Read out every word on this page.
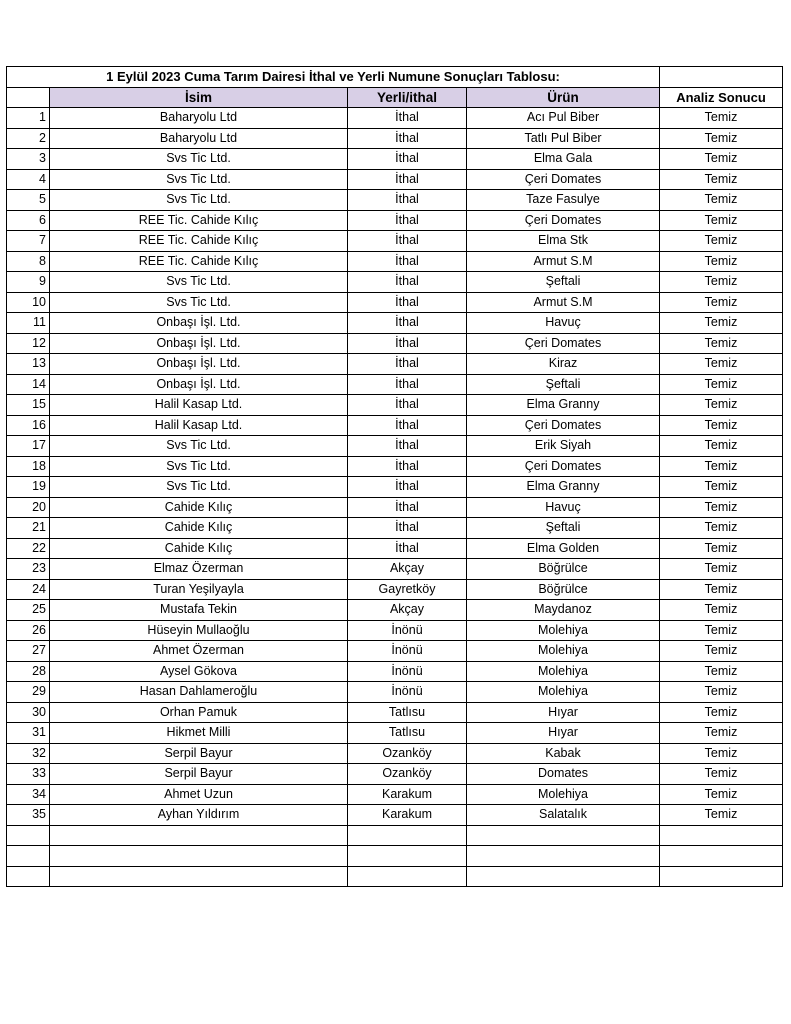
1 Eylül 2023 Cuma Tarım Dairesi İthal ve Yerli Numune Sonuçları Tablosu:				
	İsim	Yerli/ithal	Ürün	Analiz Sonucu
1	Baharyolu Ltd	İthal	Acı Pul Biber	Temiz
2	Baharyolu Ltd	İthal	Tatlı Pul Biber	Temiz
3	Svs Tic Ltd.	İthal	Elma Gala	Temiz
4	Svs Tic Ltd.	İthal	Çeri Domates	Temiz
5	Svs Tic Ltd.	İthal	Taze Fasulye	Temiz
6	REE Tic. Cahide Kılıç	İthal	Çeri Domates	Temiz
7	REE Tic. Cahide Kılıç	İthal	Elma Stk	Temiz
8	REE Tic. Cahide Kılıç	İthal	Armut S.M	Temiz
9	Svs Tic Ltd.	İthal	Şeftali	Temiz
10	Svs Tic Ltd.	İthal	Armut S.M	Temiz
11	Onbaşı İşl. Ltd.	İthal	Havuç	Temiz
12	Onbaşı İşl. Ltd.	İthal	Çeri Domates	Temiz
13	Onbaşı İşl. Ltd.	İthal	Kiraz	Temiz
14	Onbaşı İşl. Ltd.	İthal	Şeftali	Temiz
15	Halil Kasap Ltd.	İthal	Elma Granny	Temiz
16	Halil Kasap Ltd.	İthal	Çeri Domates	Temiz
17	Svs Tic Ltd.	İthal	Erik Siyah	Temiz
18	Svs Tic Ltd.	İthal	Çeri Domates	Temiz
19	Svs Tic Ltd.	İthal	Elma Granny	Temiz
20	Cahide Kılıç	İthal	Havuç	Temiz
21	Cahide Kılıç	İthal	Şeftali	Temiz
22	Cahide Kılıç	İthal	Elma Golden	Temiz
23	Elmaz Özerman	Akçay	Böğrülce	Temiz
24	Turan Yeşilyayla	Gayretköy	Böğrülce	Temiz
25	Mustafa Tekin	Akçay	Maydanoz	Temiz
26	Hüseyin Mullaoğlu	İnönü	Molehiya	Temiz
27	Ahmet Özerman	İnönü	Molehiya	Temiz
28	Aysel Gökova	İnönü	Molehiya	Temiz
29	Hasan Dahlameroğlu	İnönü	Molehiya	Temiz
30	Orhan Pamuk	Tatlısu	Hıyar	Temiz
31	Hikmet Milli	Tatlısu	Hıyar	Temiz
32	Serpil Bayur	Ozanköy	Kabak	Temiz
33	Serpil Bayur	Ozanköy	Domates	Temiz
34	Ahmet Uzun	Karakum	Molehiya	Temiz
35	Ayhan Yıldırım	Karakum	Salatalık	Temiz
